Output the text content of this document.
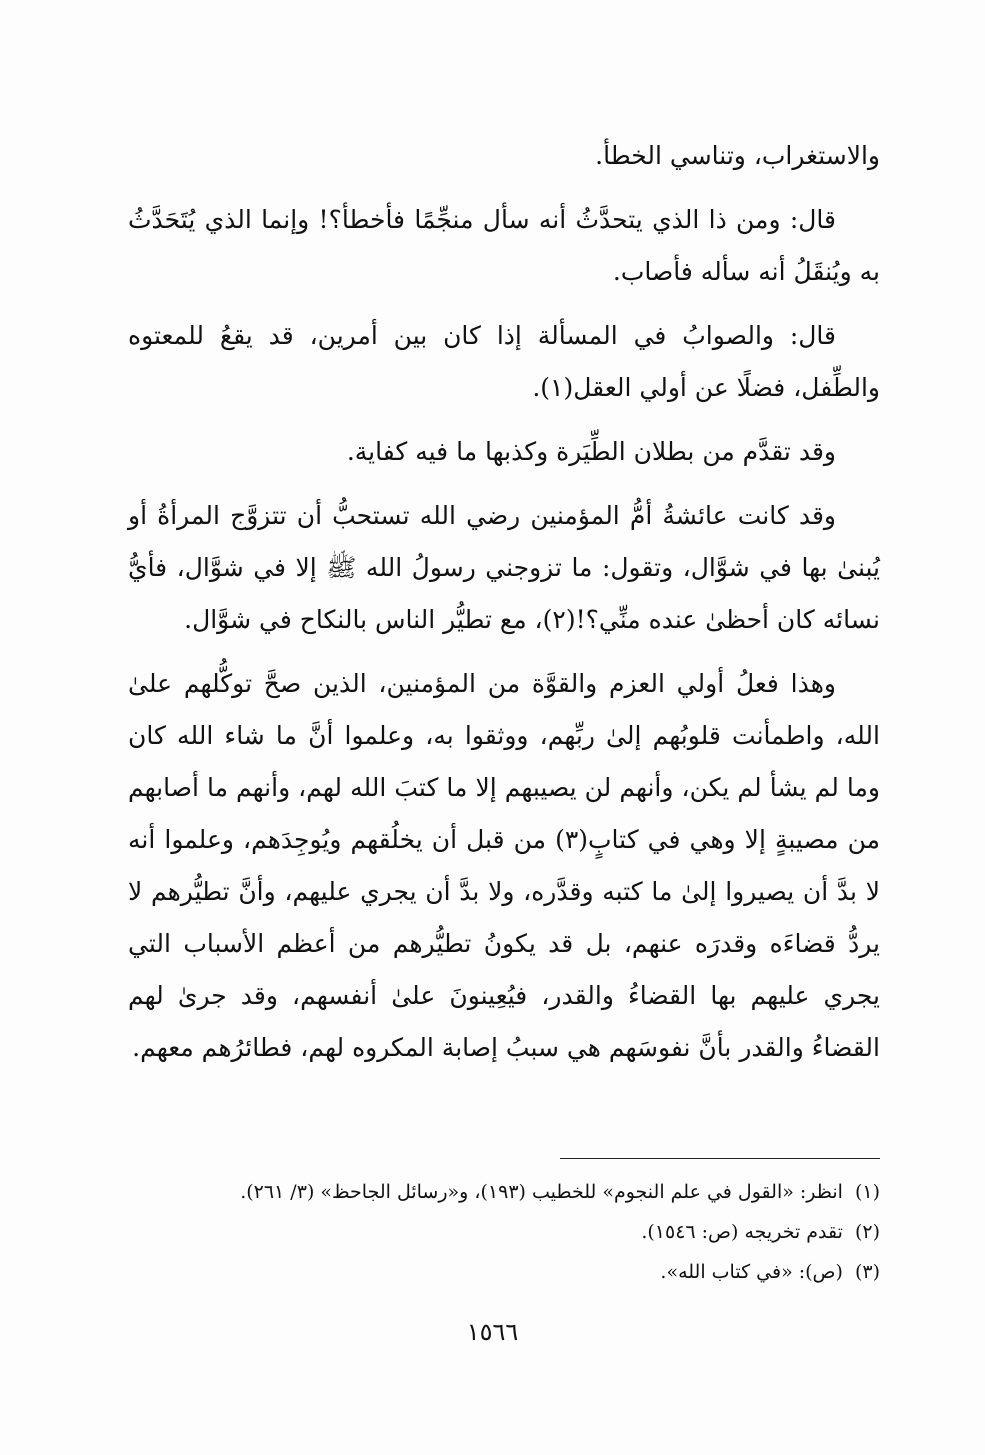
والاستغراب، وتناسي الخطأ.

قال: ومن ذا الذي يتحدَّثُ أنه سأل منجِّمًا فأخطأ؟! وإنما الذي يُتَحَدَّثُ به ويُنقَلُ أنه سأله فأصاب.

قال: والصوابُ في المسألة إذا كان بين أمرين، قد يقعُ للمعتوه والطِّفل، فضلًا عن أولي العقل(١).

وقد تقدَّم من بطلان الطِّيَرة وكذبها ما فيه كفاية.

وقد كانت عائشةُ أمُّ المؤمنين رضي الله تستحبُّ أن تتزوَّج المرأةُ أو يُبنىٰ بها في شوَّال، وتقول: ما تزوجني رسولُ الله ﷺ إلا في شوَّال، فأيُّ نسائه كان أحظىٰ عنده منِّي؟!(٢)، مع تطيُّر الناس بالنكاح في شوَّال.

وهذا فعلُ أولي العزم والقوَّة من المؤمنين، الذين صحَّ توكُّلهم علىٰ الله، واطمأنت قلوبُهم إلىٰ ربِّهم، ووثقوا به، وعلموا أنَّ ما شاء الله كان وما لم يشأ لم يكن، وأنهم لن يصيبهم إلا ما كتبَ الله لهم، وأنهم ما أصابهم من مصيبةٍ إلا وهي في كتابٍ(٣) من قبل أن يخلُقهم ويُوجِدَهم، وعلموا أنه لا بدَّ أن يصيروا إلىٰ ما كتبه وقدَّره، ولا بدَّ أن يجري عليهم، وأنَّ تطيُّرهم لا يردُّ قضاءَه وقدرَه عنهم، بل قد يكونُ تطيُّرهم من أعظم الأسباب التي يجري عليهم بها القضاءُ والقدر، فيُعِينونَ علىٰ أنفسهم، وقد جرىٰ لهم القضاءُ والقدر بأنَّ نفوسَهم هي سببُ إصابة المكروه لهم، فطائرُهم معهم.

(١)انظر: «القول في علم النجوم» للخطيب (١٩٣)، و«رسائل الجاحظ» (٣/ ٢٦١).

(٢)تقدم تخريجه (ص: ١٥٤٦).

(٣)(ص): «في كتاب الله».

١٥٦٦
